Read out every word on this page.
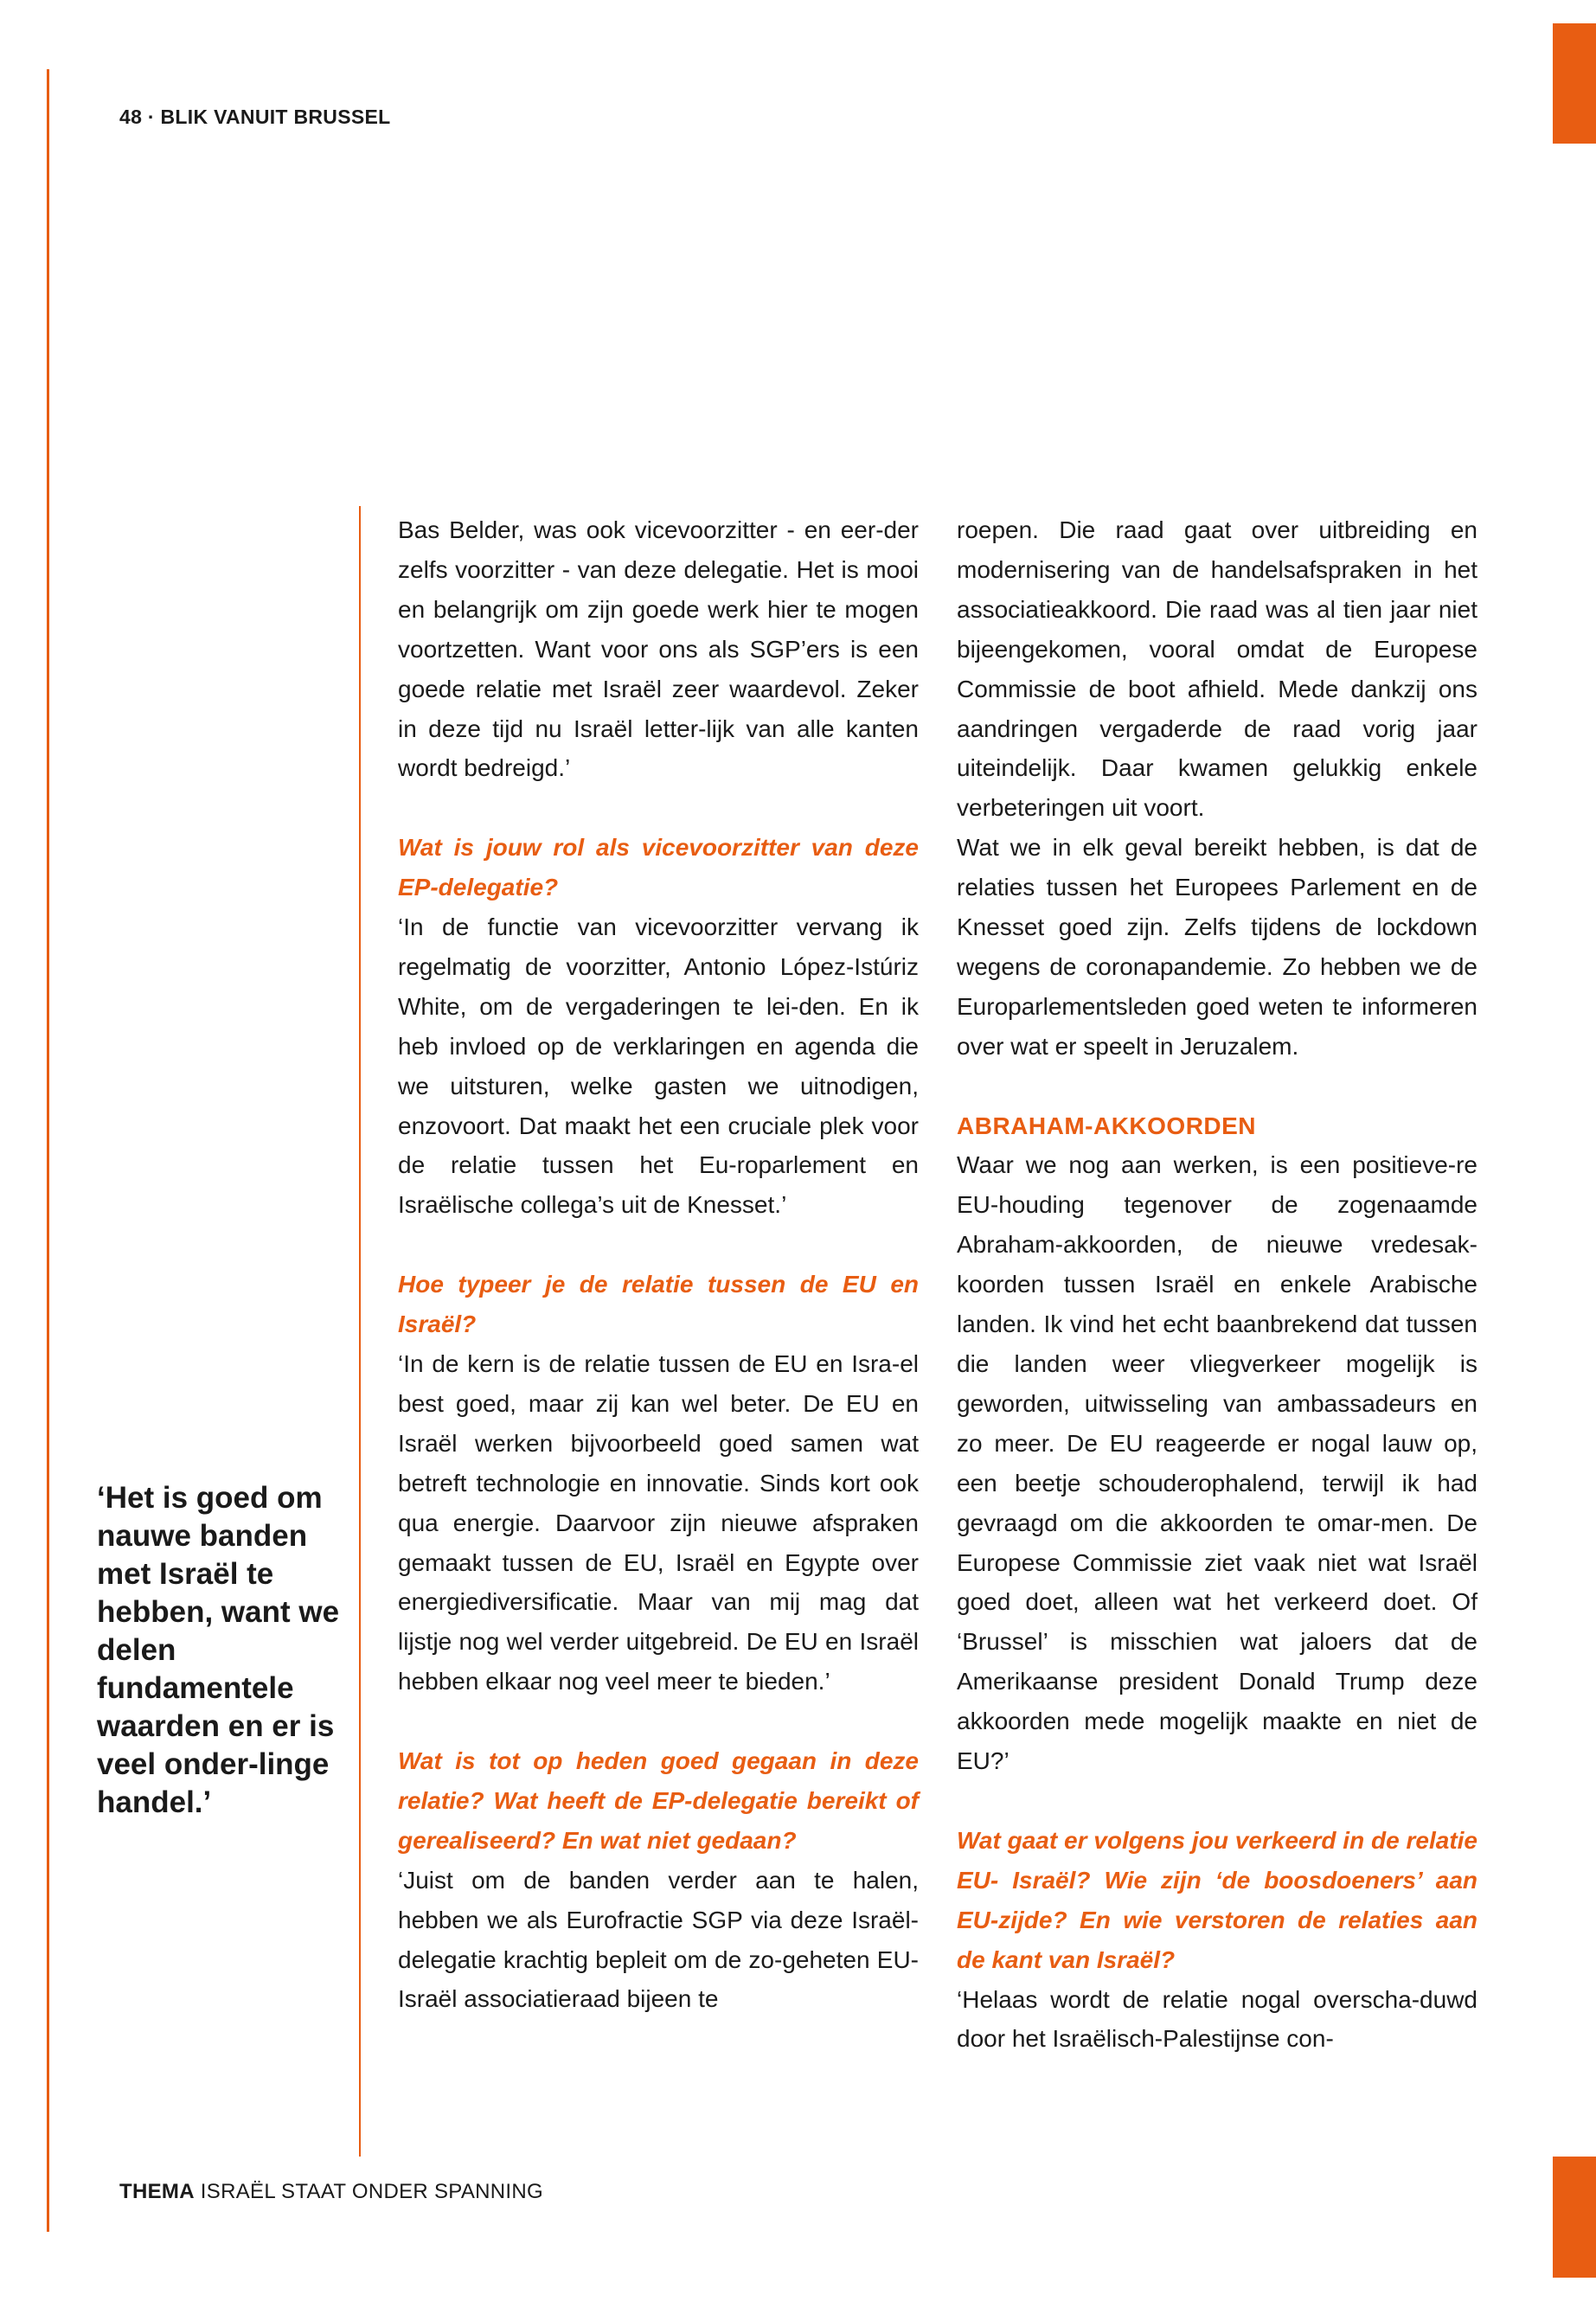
48 · BLIK VANUIT BRUSSEL
‘Het is goed om nauwe banden met Israël te hebben, want we delen fundamentele waarden en er is veel onder-linge handel.’

Bas Belder, was ook vicevoorzitter - en eer-der zelfs voorzitter - van deze delegatie. Het is mooi en belangrijk om zijn goede werk hier te mogen voortzetten. Want voor ons als SGP’ers is een goede relatie met Israël zeer waardevol. Zeker in deze tijd nu Israël letter-lijk van alle kanten wordt bedreigd.’

Wat is jouw rol als vicevoorzitter van deze EP-delegatie?

‘In de functie van vicevoorzitter vervang ik regelmatig de voorzitter, Antonio López-Istúriz White, om de vergaderingen te lei-den. En ik heb invloed op de verklaringen en agenda die we uitsturen, welke gasten we uitnodigen, enzovoort. Dat maakt het een cruciale plek voor de relatie tussen het Eu-roparlement en Israëlische collega’s uit de Knesset.’

Hoe typeer je de relatie tussen de EU en Israël?

‘In de kern is de relatie tussen de EU en Isra-el best goed, maar zij kan wel beter. De EU en Israël werken bijvoorbeeld goed samen wat betreft technologie en innovatie. Sinds kort ook qua energie. Daarvoor zijn nieuwe afspraken gemaakt tussen de EU, Israël en Egypte over energiediversificatie. Maar van mij mag dat lijstje nog wel verder uitgebreid. De EU en Israël hebben elkaar nog veel meer te bieden.’

Wat is tot op heden goed gegaan in deze relatie? Wat heeft de EP-delegatie bereikt of gerealiseerd? En wat niet gedaan?

‘Juist om de banden verder aan te halen, hebben we als Eurofractie SGP via deze Israël-delegatie krachtig bepleit om de zo-geheten EU-Israël associatieraad bijeen te

roepen. Die raad gaat over uitbreiding en modernisering van de handelsafspraken in het associatieakkoord. Die raad was al tien jaar niet bijeengekomen, vooral omdat de Europese Commissie de boot afhield. Mede dankzij ons aandringen vergaderde de raad vorig jaar uiteindelijk. Daar kwamen gelukkig enkele verbeteringen uit voort.

Wat we in elk geval bereikt hebben, is dat de relaties tussen het Europees Parlement en de Knesset goed zijn. Zelfs tijdens de lockdown wegens de coronapandemie. Zo hebben we de Europarlementsleden goed weten te informeren over wat er speelt in Jeruzalem.

ABRAHAM-AKKOORDEN

Waar we nog aan werken, is een positieve-re EU-houding tegenover de zogenaamde Abraham-akkoorden, de nieuwe vredesak-koorden tussen Israël en enkele Arabische landen. Ik vind het echt baanbrekend dat tussen die landen weer vliegverkeer mogelijk is geworden, uitwisseling van ambassadeurs en zo meer. De EU reageerde er nogal lauw op, een beetje schouderophalend, terwijl ik had gevraagd om die akkoorden te omar-men. De Europese Commissie ziet vaak niet wat Israël goed doet, alleen wat het verkeerd doet. Of ‘Brussel’ is misschien wat jaloers dat de Amerikaanse president Donald Trump deze akkoorden mede mogelijk maakte en niet de EU?’

Wat gaat er volgens jou verkeerd in de relatie EU- Israël? Wie zijn ‘de boosdoeners’ aan EU-zijde? En wie verstoren de relaties aan de kant van Israël?

‘Helaas wordt de relatie nogal overscha-duwd door het Israëlisch-Palestijnse con-

THEMA ISRAËL STAAT ONDER SPANNING
